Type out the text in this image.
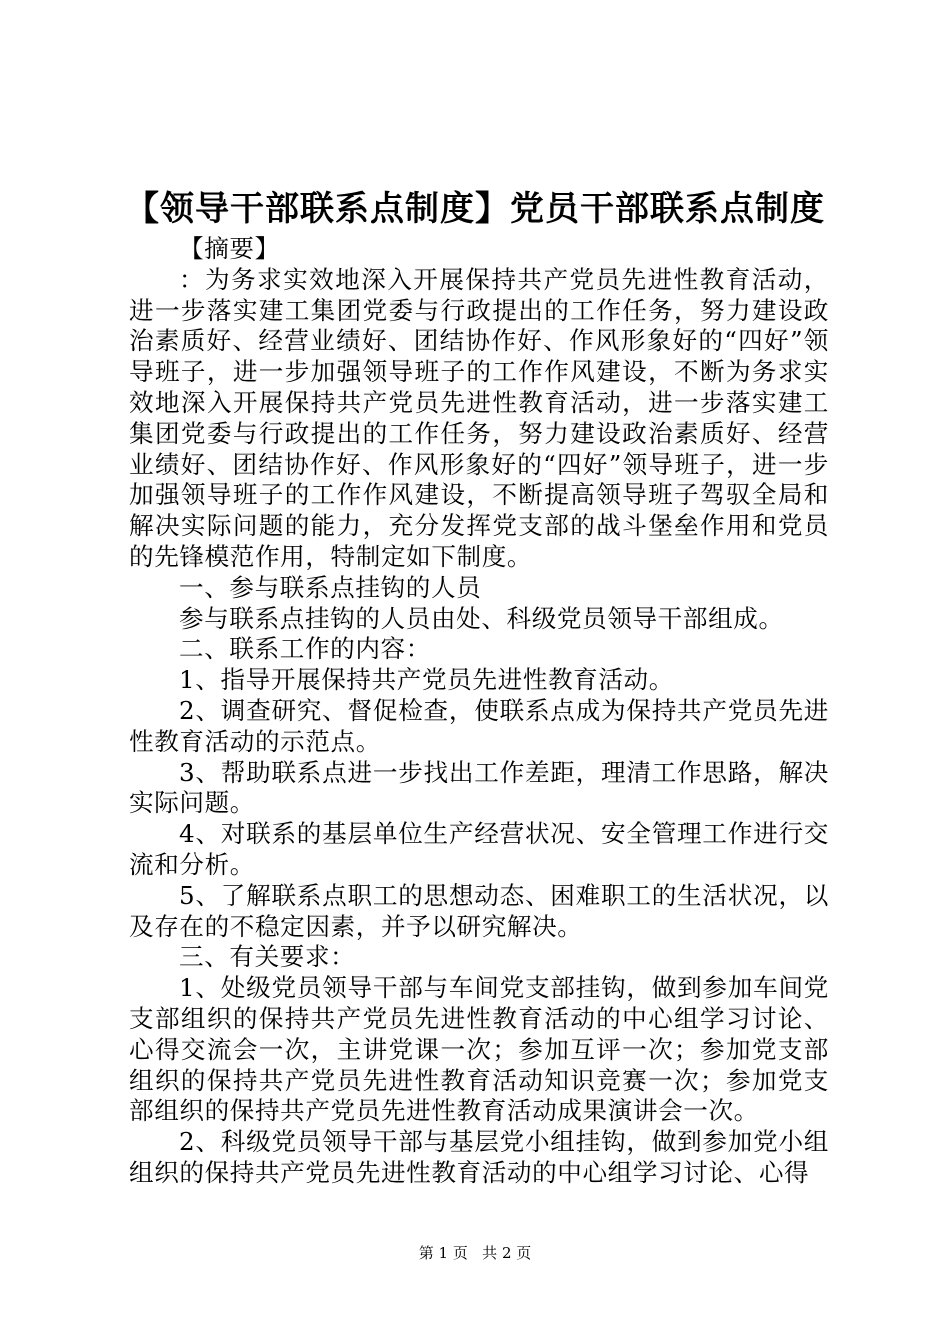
【领导干部联系点制度】党员干部联系点制度

【摘要】

：为务求实效地深入开展保持共产党员先进性教育活动，进一步落实建工集团党委与行政提出的工作任务，努力建设政治素质好、经营业绩好、团结协作好、作风形象好的“四好”领导班子，进一步加强领导班子的工作作风建设，不断为务求实效地深入开展保持共产党员先进性教育活动，进一步落实建工集团党委与行政提出的工作任务，努力建设政治素质好、经营业绩好、团结协作好、作风形象好的“四好”领导班子，进一步加强领导班子的工作作风建设，不断提高领导班子驾驭全局和解决实际问题的能力，充分发挥党支部的战斗堡垒作用和党员的先锋模范作用，特制定如下制度。

一、参与联系点挂钩的人员

参与联系点挂钩的人员由处、科级党员领导干部组成。

二、联系工作的内容：

1、指导开展保持共产党员先进性教育活动。

2、调查研究、督促检查，使联系点成为保持共产党员先进性教育活动的示范点。

3、帮助联系点进一步找出工作差距，理清工作思路，解决实际问题。

4、对联系的基层单位生产经营状况、安全管理工作进行交流和分析。

5、了解联系点职工的思想动态、困难职工的生活状况，以及存在的不稳定因素，并予以研究解决。

三、有关要求：

1、处级党员领导干部与车间党支部挂钩，做到参加车间党支部组织的保持共产党员先进性教育活动的中心组学习讨论、心得交流会一次，主讲党课一次；参加互评一次；参加党支部组织的保持共产党员先进性教育活动知识竞赛一次；参加党支部组织的保持共产党员先进性教育活动成果演讲会一次。

2、科级党员领导干部与基层党小组挂钩，做到参加党小组组织的保持共产党员先进性教育活动的中心组学习讨论、心得

第 1 页 共 2 页
